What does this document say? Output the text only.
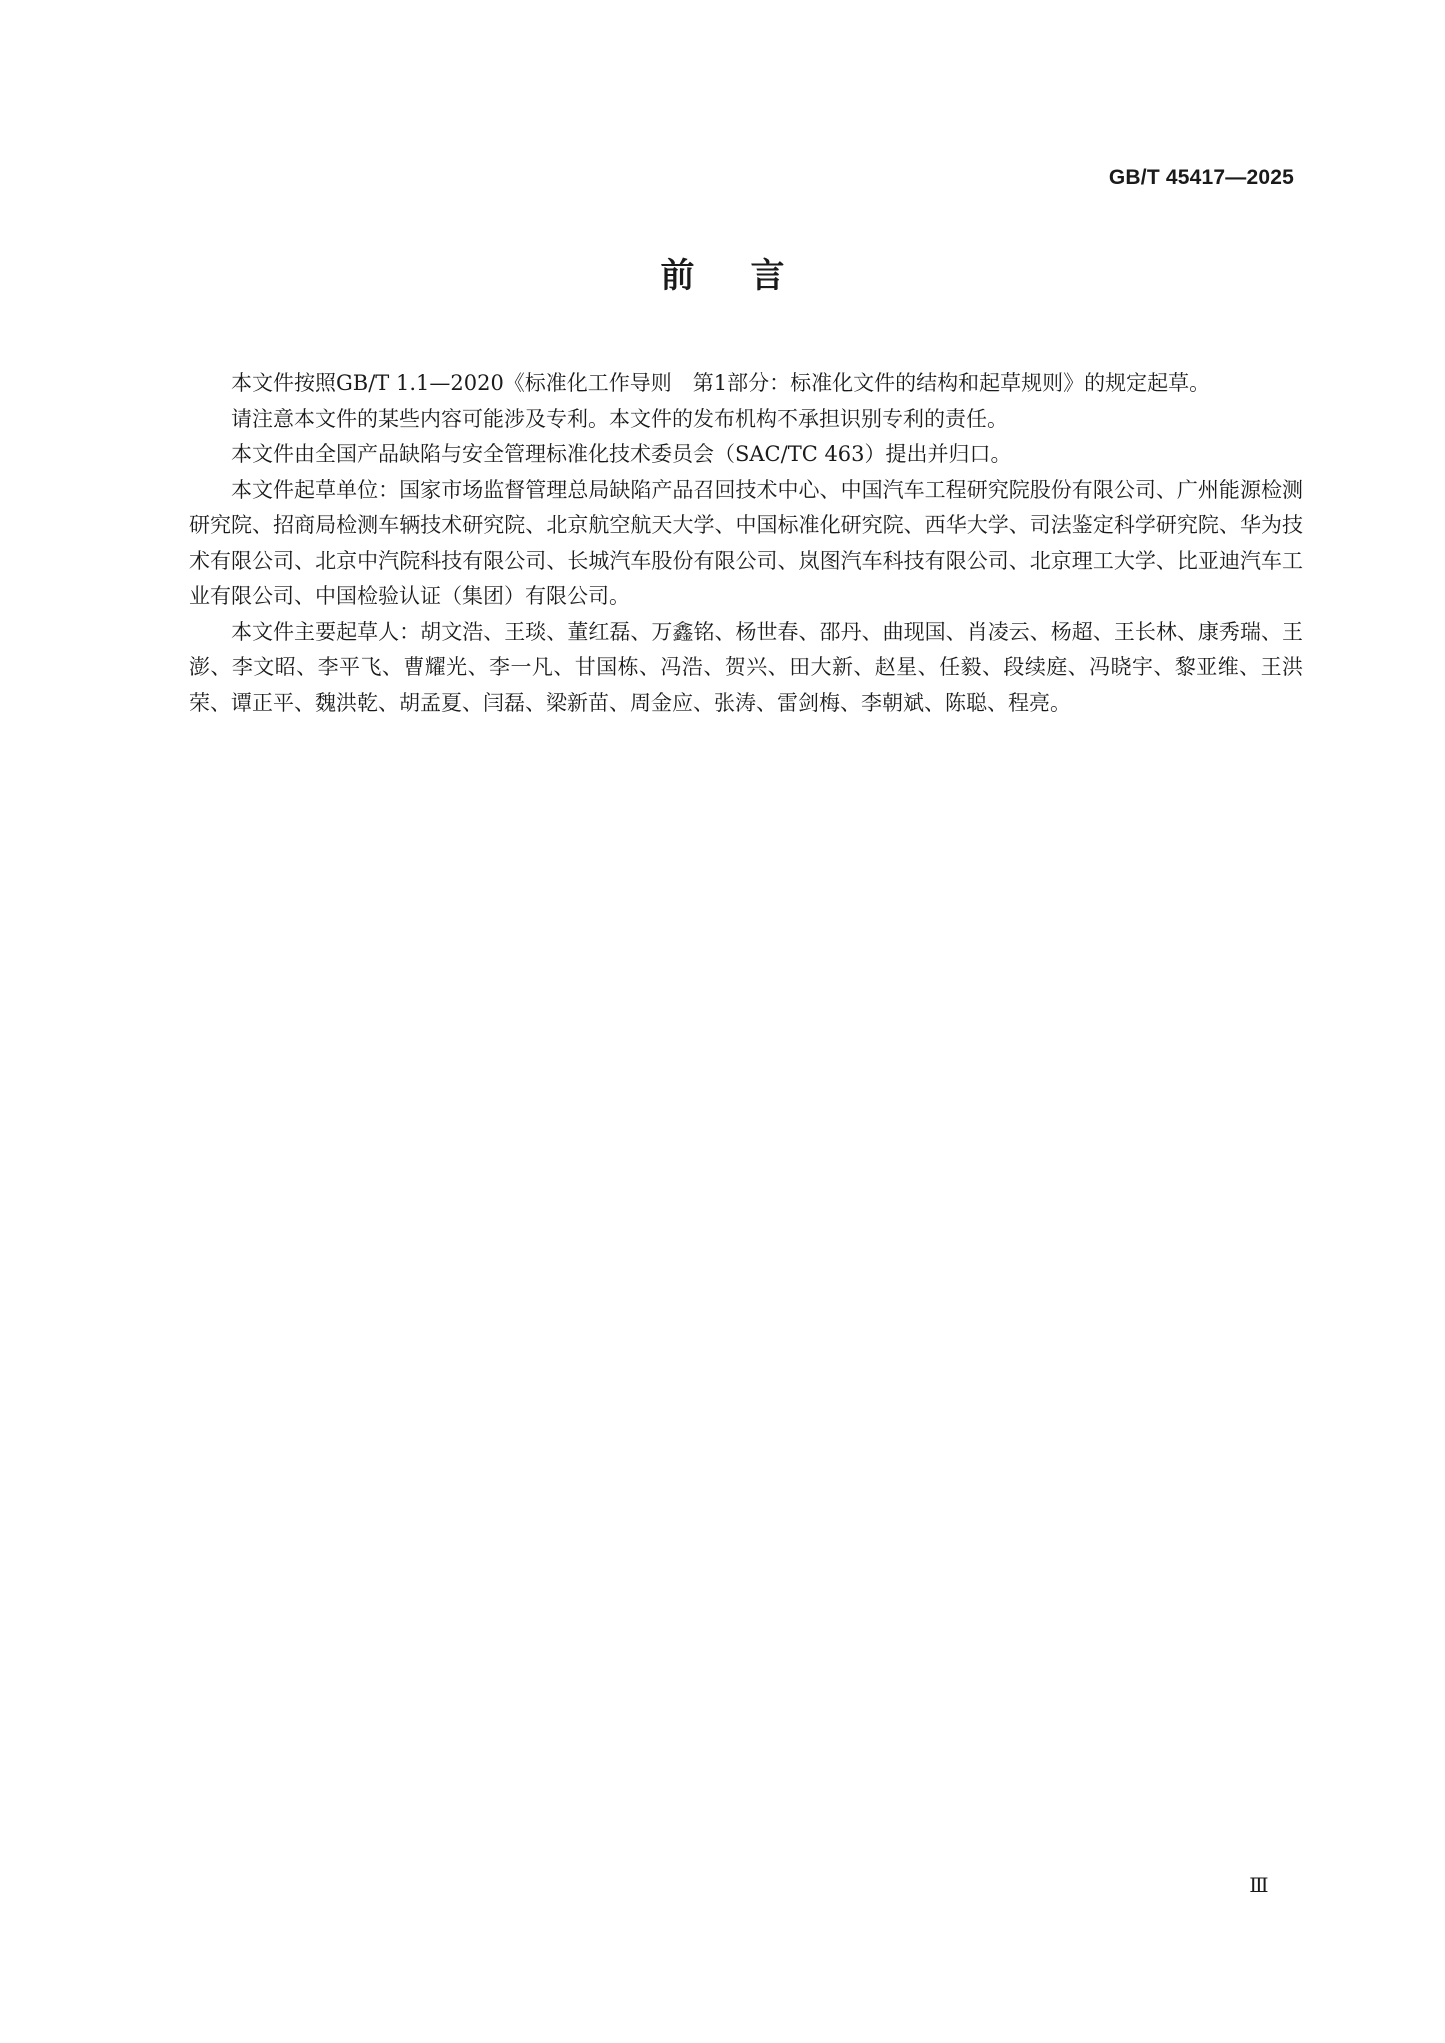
GB/T 45417—2025
前言

本文件按照GB/T 1.1—2020《标准化工作导则　第1部分：标准化文件的结构和起草规则》的规定起草。

请注意本文件的某些内容可能涉及专利。本文件的发布机构不承担识别专利的责任。

本文件由全国产品缺陷与安全管理标准化技术委员会（SAC/TC 463）提出并归口。

本文件起草单位：国家市场监督管理总局缺陷产品召回技术中心、中国汽车工程研究院股份有限公司、广州能源检测研究院、招商局检测车辆技术研究院、北京航空航天大学、中国标准化研究院、西华大学、司法鉴定科学研究院、华为技术有限公司、北京中汽院科技有限公司、长城汽车股份有限公司、岚图汽车科技有限公司、北京理工大学、比亚迪汽车工业有限公司、中国检验认证（集团）有限公司。

本文件主要起草人：胡文浩、王琰、董红磊、万鑫铭、杨世春、邵丹、曲现国、肖凌云、杨超、王长林、康秀瑞、王澎、李文昭、李平飞、曹耀光、李一凡、甘国栋、冯浩、贺兴、田大新、赵星、任毅、段续庭、冯晓宇、黎亚维、王洪荣、谭正平、魏洪乾、胡孟夏、闫磊、梁新苗、周金应、张涛、雷剑梅、李朝斌、陈聪、程亮。

Ⅲ
